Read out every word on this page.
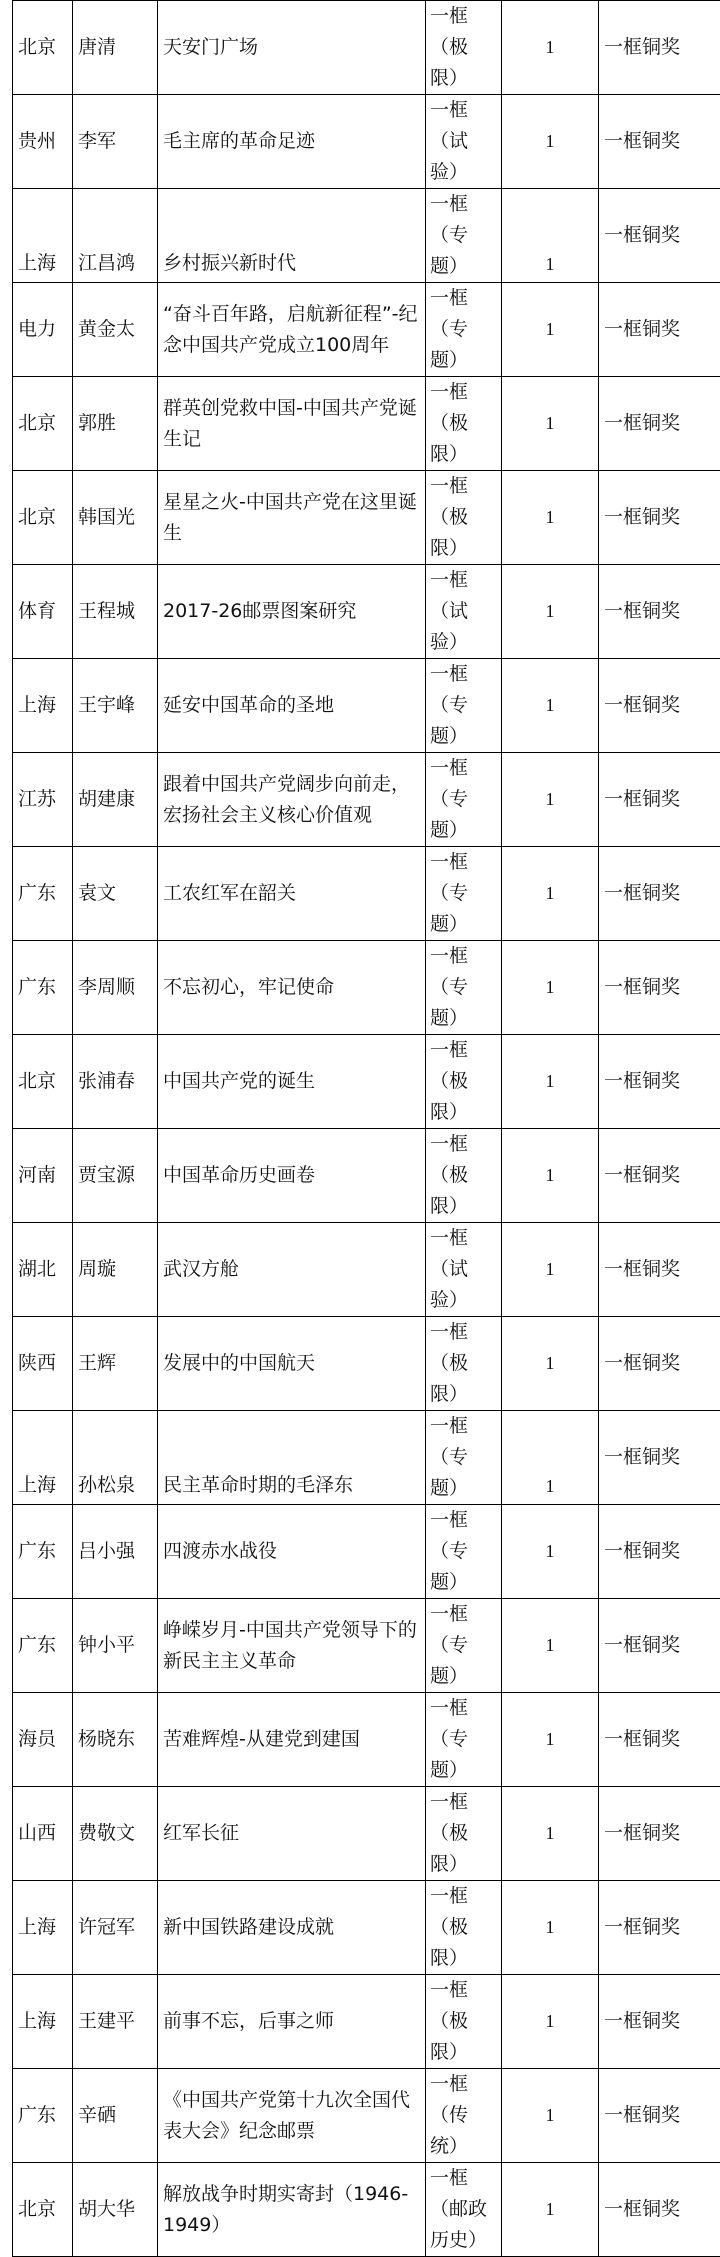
北京	唐清	天安门广场	一框（极限）	1	一框铜奖
贵州	李军	毛主席的革命足迹	一框（试验）	1	一框铜奖
上海	江昌鸿	乡村振兴新时代	一框（专题）	1	一框铜奖
电力	黄金太	“奋斗百年路，启航新征程”-纪念中国共产党成立100周年	一框（专题）	1	一框铜奖
北京	郭胜	群英创党救中国-中国共产党诞生记	一框（极限）	1	一框铜奖
北京	韩国光	星星之火-中国共产党在这里诞生	一框（极限）	1	一框铜奖
体育	王程城	2017-26邮票图案研究	一框（试验）	1	一框铜奖
上海	王宇峰	延安中国革命的圣地	一框（专题）	1	一框铜奖
江苏	胡建康	跟着中国共产党阔步向前走，宏扬社会主义核心价值观	一框（专题）	1	一框铜奖
广东	袁文	工农红军在韶关	一框（专题）	1	一框铜奖
广东	李周顺	不忘初心，牢记使命	一框（专题）	1	一框铜奖
北京	张浦春	中国共产党的诞生	一框（极限）	1	一框铜奖
河南	贾宝源	中国革命历史画卷	一框（极限）	1	一框铜奖
湖北	周璇	武汉方舱	一框（试验）	1	一框铜奖
陕西	王辉	发展中的中国航天	一框（极限）	1	一框铜奖
上海	孙松泉	民主革命时期的毛泽东	一框（专题）	1	一框铜奖
广东	吕小强	四渡赤水战役	一框（专题）	1	一框铜奖
广东	钟小平	峥嵘岁月-中国共产党领导下的新民主主义革命	一框（专题）	1	一框铜奖
海员	杨晓东	苦难辉煌-从建党到建国	一框（专题）	1	一框铜奖
山西	费敬文	红军长征	一框（极限）	1	一框铜奖
上海	许冠军	新中国铁路建设成就	一框（极限）	1	一框铜奖
上海	王建平	前事不忘，后事之师	一框（极限）	1	一框铜奖
广东	辛硒	《中国共产党第十九次全国代表大会》纪念邮票	一框（传统）	1	一框铜奖
北京	胡大华	解放战争时期实寄封（1946-1949）	一框（邮政历史）	1	一框铜奖
